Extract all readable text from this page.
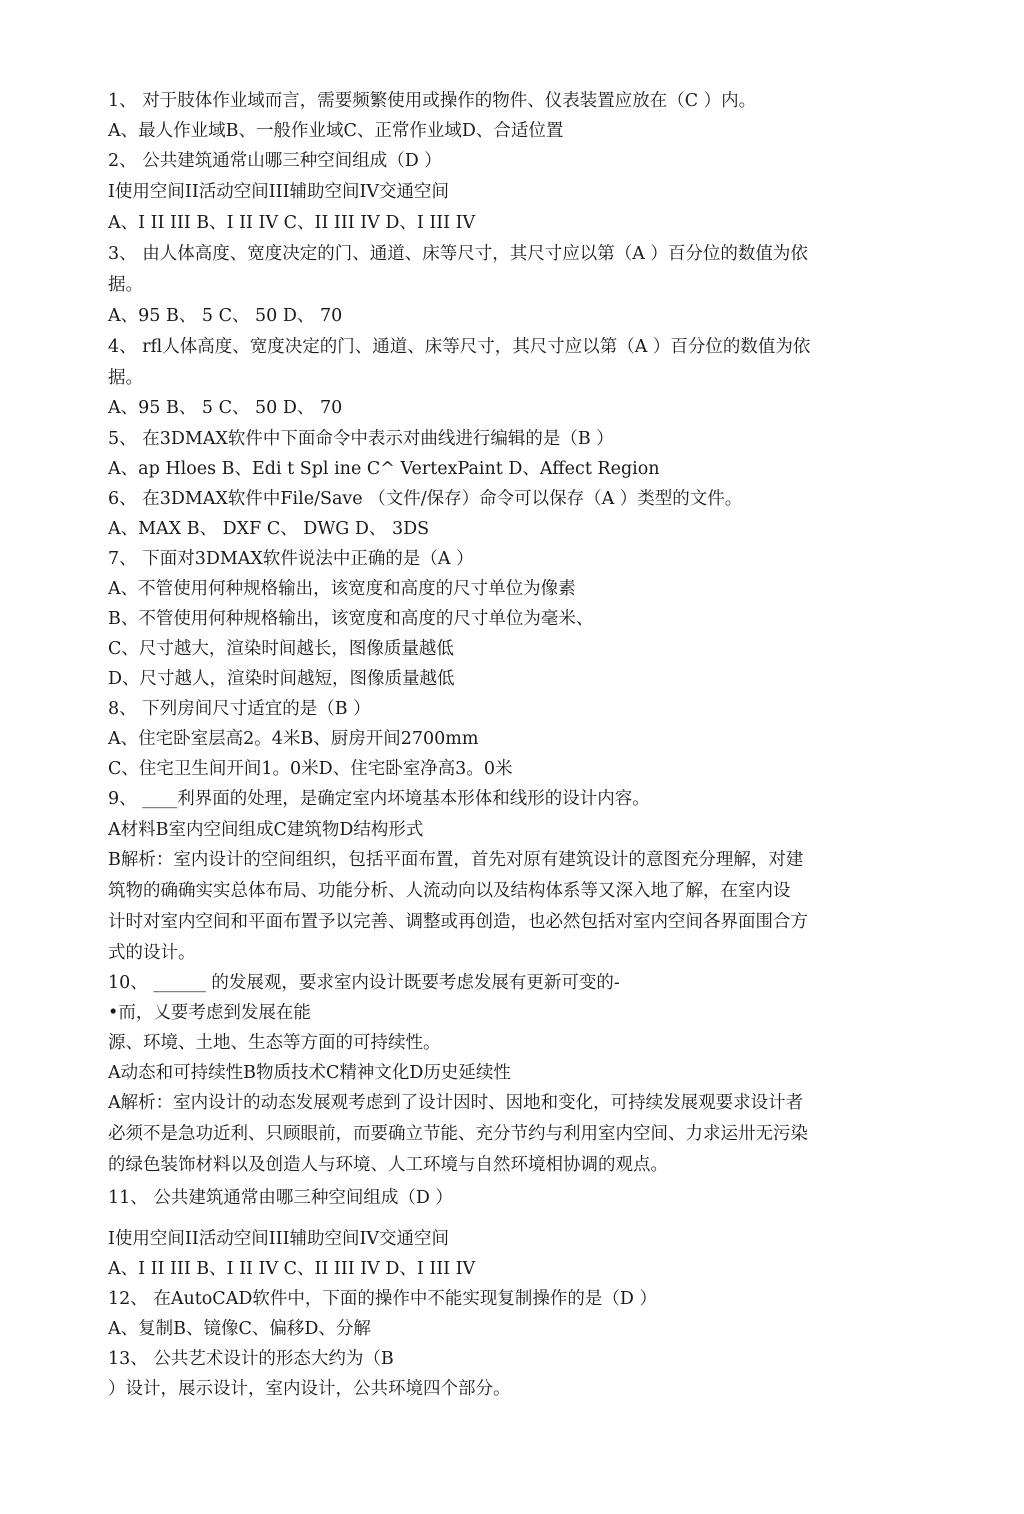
1、 对于肢体作业域而言，需要频繁使用或操作的物件、仪表装置应放在（C ）内。
A、最人作业域B、一般作业域C、正常作业域D、合适位置
2、 公共建筑通常山哪三种空间组成（D ）
I使用空间II活动空间III辅助空间IV交通空间
A、I II III B、I II IV C、II III IV D、I III IV
3、 由人体高度、宽度决定的门、通道、床等尺寸，其尺寸应以第（A ）百分位的数值为依
据。
A、95 B、 5 C、 50 D、 70
4、 rfl人体高度、宽度决定的门、通道、床等尺寸，其尺寸应以第（A ）百分位的数值为依
据。
A、95 B、 5 C、 50 D、 70
5、 在3DMAX软件中下面命令中表示对曲线进行编辑的是（B ）
A、ap Hloes B、Edi t Spl ine C^ VertexPaint D、Affect Region
6、 在3DMAX软件中File/Save （文件/保存）命令可以保存（A ）类型的文件。
A、MAX B、 DXF C、 DWG D、 3DS
7、 下面对3DMAX软件说法中正确的是（A ）
A、不管使用何种规格输出，该宽度和高度的尺寸单位为像素
B、不管使用何种规格输出，该宽度和高度的尺寸单位为毫米、
C、尺寸越大，渲染时间越长，图像质量越低
D、尺寸越人，渲染时间越短，图像质量越低
8、 下列房间尺寸适宜的是（B ）
A、住宅卧室层高2。4米B、厨房开间2700mm
C、住宅卫生间开间1。0米D、住宅卧室净高3。0米
9、 ____利界面的处理，是确定室内坏境基本形体和线形的设计内容。
A材料B室内空间组成C建筑物D结构形式
B解析：室内设计的空间组织，包括平面布置，首先对原有建筑设计的意图充分理解，对建
筑物的确确实实总体布局、功能分析、人流动向以及结构体系等又深入地了解，在室内设
计时对室内空间和平面布置予以完善、调整或再创造，也必然包括对室内空间各界面围合方
式的设计。
10、 ______ 的发展观，要求室内设计既要考虑发展有更新可变的-
•而，乂要考虑到发展在能
源、环境、土地、生态等方面的可持续性。
A动态和可持续性B物质技术C精神文化D历史延续性
A解析：室内设计的动态发展观考虑到了设计因时、因地和变化，可持续发展观要求设计者
必须不是急功近利、只顾眼前，而要确立节能、充分节约与利用室内空间、力求运卅无污染
的绿色装饰材料以及创造人与环境、人工环境与自然环境相协调的观点。
11、 公共建筑通常由哪三种空间组成（D ）
I使用空间II活动空间III辅助空间IV交通空间
A、I II III B、I II IV C、II III IV D、I III IV
12、 在AutoCAD软件中，下面的操作中不能实现复制操作的是（D ）
A、复制B、镜像C、偏移D、分解
13、 公共艺术设计的形态大约为（B
）设计，展示设计，室内设计，公共环境四个部分。
